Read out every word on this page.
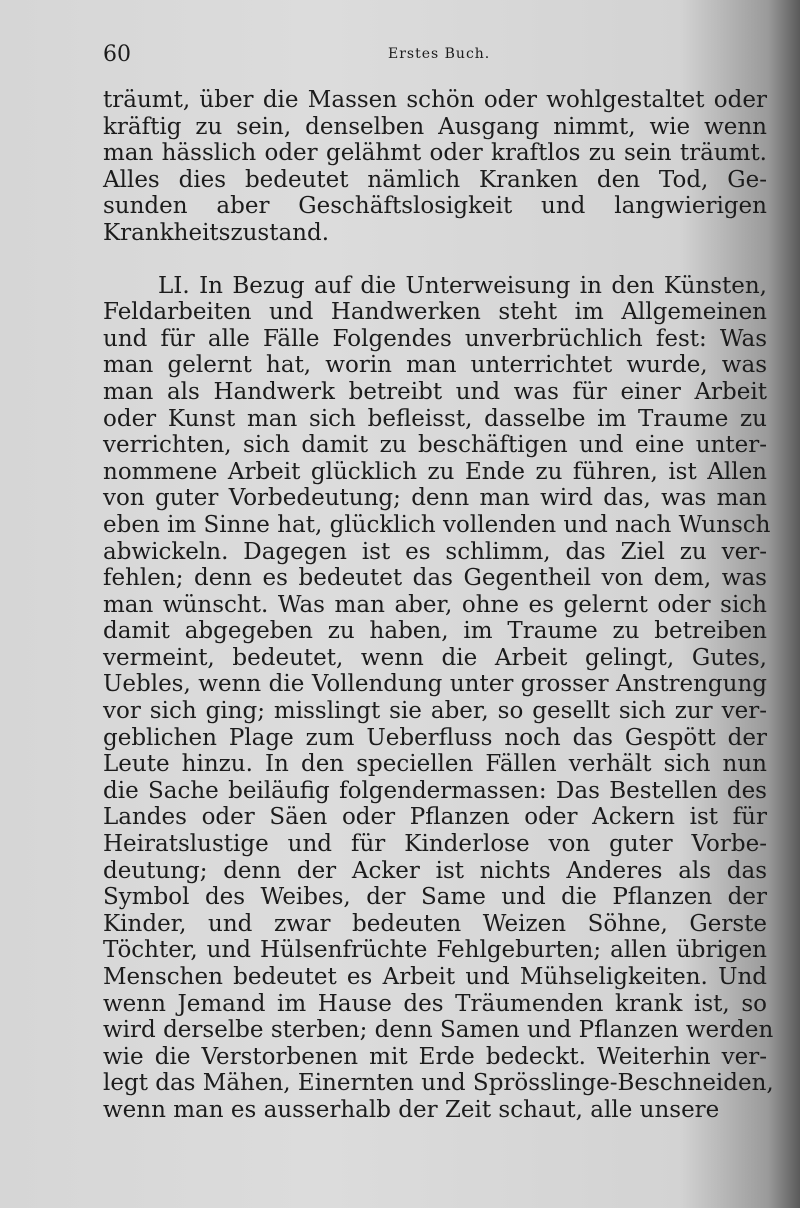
60	Erstes Buch.
träumt, über die Massen schön oder wohlgestaltet oder
kräftig zu sein, denselben Ausgang nimmt, wie wenn
man hässlich oder gelähmt oder kraftlos zu sein träumt.
Alles dies bedeutet nämlich Kranken den Tod, Ge-
sunden aber Geschäftslosigkeit und langwierigen
Krankheitszustand.
LI. In Bezug auf die Unterweisung in den Künsten,
Feldarbeiten und Handwerken steht im Allgemeinen
und für alle Fälle Folgendes unverbrüchlich fest: Was
man gelernt hat, worin man unterrichtet wurde, was
man als Handwerk betreibt und was für einer Arbeit
oder Kunst man sich befleisst, dasselbe im Traume zu
verrichten, sich damit zu beschäftigen und eine unter-
nommene Arbeit glücklich zu Ende zu führen, ist Allen
von guter Vorbedeutung; denn man wird das, was man
eben im Sinne hat, glücklich vollenden und nach Wunsch
abwickeln. Dagegen ist es schlimm, das Ziel zu ver-
fehlen; denn es bedeutet das Gegentheil von dem, was
man wünscht. Was man aber, ohne es gelernt oder sich
damit abgegeben zu haben, im Traume zu betreiben
vermeint, bedeutet, wenn die Arbeit gelingt, Gutes,
Uebles, wenn die Vollendung unter grosser Anstrengung
vor sich ging; misslingt sie aber, so gesellt sich zur ver-
geblichen Plage zum Ueberfluss noch das Gespött der
Leute hinzu. In den speciellen Fällen verhält sich nun
die Sache beiläufig folgendermassen: Das Bestellen des
Landes oder Säen oder Pflanzen oder Ackern ist für
Heiratslustige und für Kinderlose von guter Vorbe-
deutung; denn der Acker ist nichts Anderes als das
Symbol des Weibes, der Same und die Pflanzen der
Kinder, und zwar bedeuten Weizen Söhne, Gerste
Töchter, und Hülsenfrüchte Fehlgeburten; allen übrigen
Menschen bedeutet es Arbeit und Mühseligkeiten. Und
wenn Jemand im Hause des Träumenden krank ist, so
wird derselbe sterben; denn Samen und Pflanzen werden
wie die Verstorbenen mit Erde bedeckt. Weiterhin ver-
legt das Mähen, Einernten und Sprösslinge-Beschneiden,
wenn man es ausserhalb der Zeit schaut, alle unsere
